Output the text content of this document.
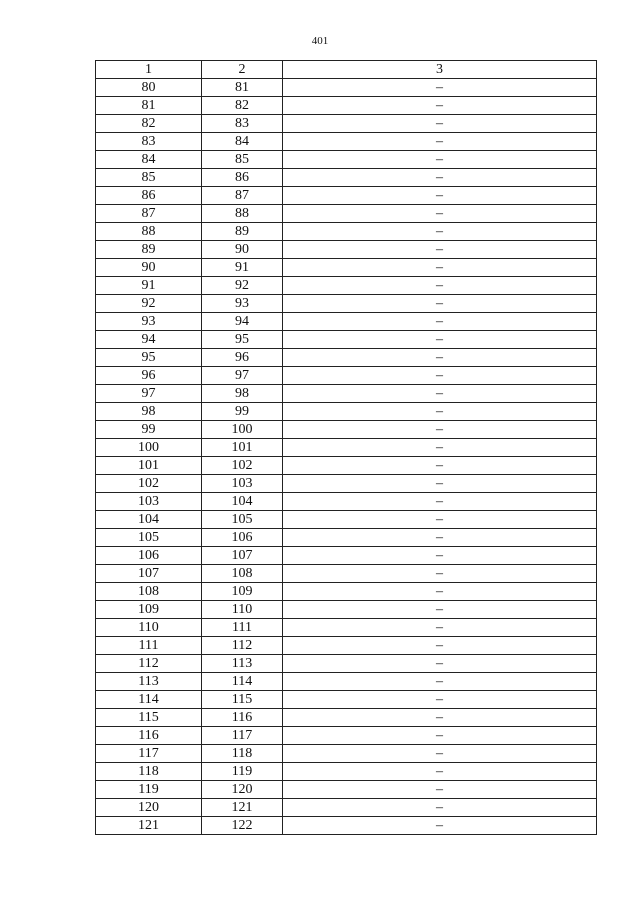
401
1	2	3
80	81	–
81	82	–
82	83	–
83	84	–
84	85	–
85	86	–
86	87	–
87	88	–
88	89	–
89	90	–
90	91	–
91	92	–
92	93	–
93	94	–
94	95	–
95	96	–
96	97	–
97	98	–
98	99	–
99	100	–
100	101	–
101	102	–
102	103	–
103	104	–
104	105	–
105	106	–
106	107	–
107	108	–
108	109	–
109	110	–
110	111	–
111	112	–
112	113	–
113	114	–
114	115	–
115	116	–
116	117	–
117	118	–
118	119	–
119	120	–
120	121	–
121	122	–
